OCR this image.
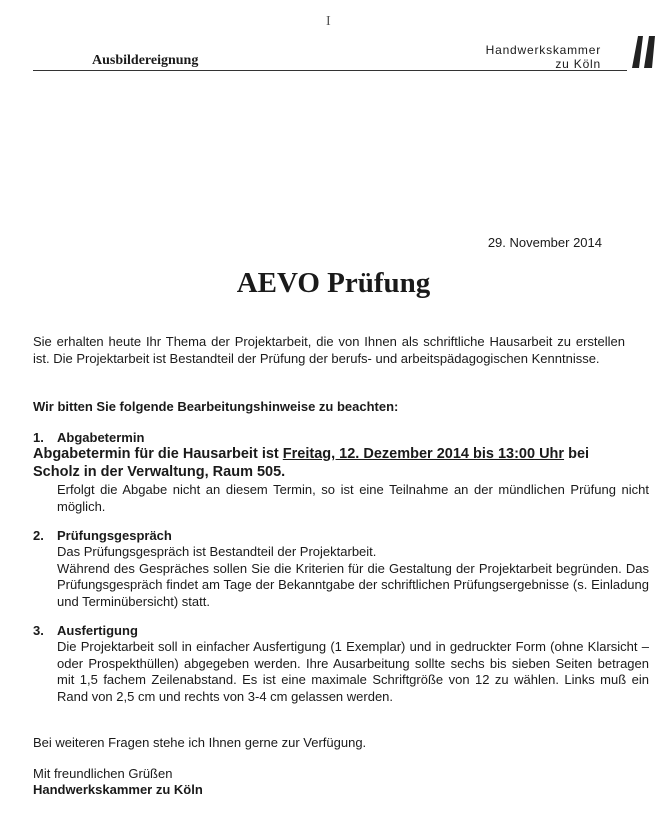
I
Ausbildereignung
Handwerkskammer
zu Köln
29. November 2014
AEVO Prüfung
Sie erhalten heute Ihr Thema der Projektarbeit, die von Ihnen als schriftliche Hausarbeit zu erstellen ist. Die Projektarbeit ist Bestandteil der Prüfung der berufs- und arbeitspädagogischen Kenntnisse.
Wir bitten Sie folgende Bearbeitungshinweise zu beachten:
1. Abgabetermin
Abgabetermin für die Hausarbeit ist Freitag, 12. Dezember 2014 bis 13:00 Uhr bei Scholz in der Verwaltung, Raum 505.
Erfolgt die Abgabe nicht an diesem Termin, so ist eine Teilnahme an der mündlichen Prüfung nicht möglich.
2. Prüfungsgespräch
Das Prüfungsgespräch ist Bestandteil der Projektarbeit.
Während des Gespräches sollen Sie die Kriterien für die Gestaltung der Projektarbeit begründen. Das Prüfungsgespräch findet am Tage der Bekanntgabe der schriftlichen Prüfungsergebnisse (s. Einladung und Terminübersicht) statt.
3. Ausfertigung
Die Projektarbeit soll in einfacher Ausfertigung (1 Exemplar) und in gedruckter Form (ohne Klarsicht – oder Prospekthüllen) abgegeben werden. Ihre Ausarbeitung sollte sechs bis sieben Seiten betragen mit 1,5 fachem Zeilenabstand. Es ist eine maximale Schriftgröße von 12 zu wählen. Links muß ein Rand von 2,5 cm und rechts von 3-4 cm gelassen werden.
Bei weiteren Fragen stehe ich Ihnen gerne zur Verfügung.
Mit freundlichen Grüßen
Handwerkskammer zu Köln
